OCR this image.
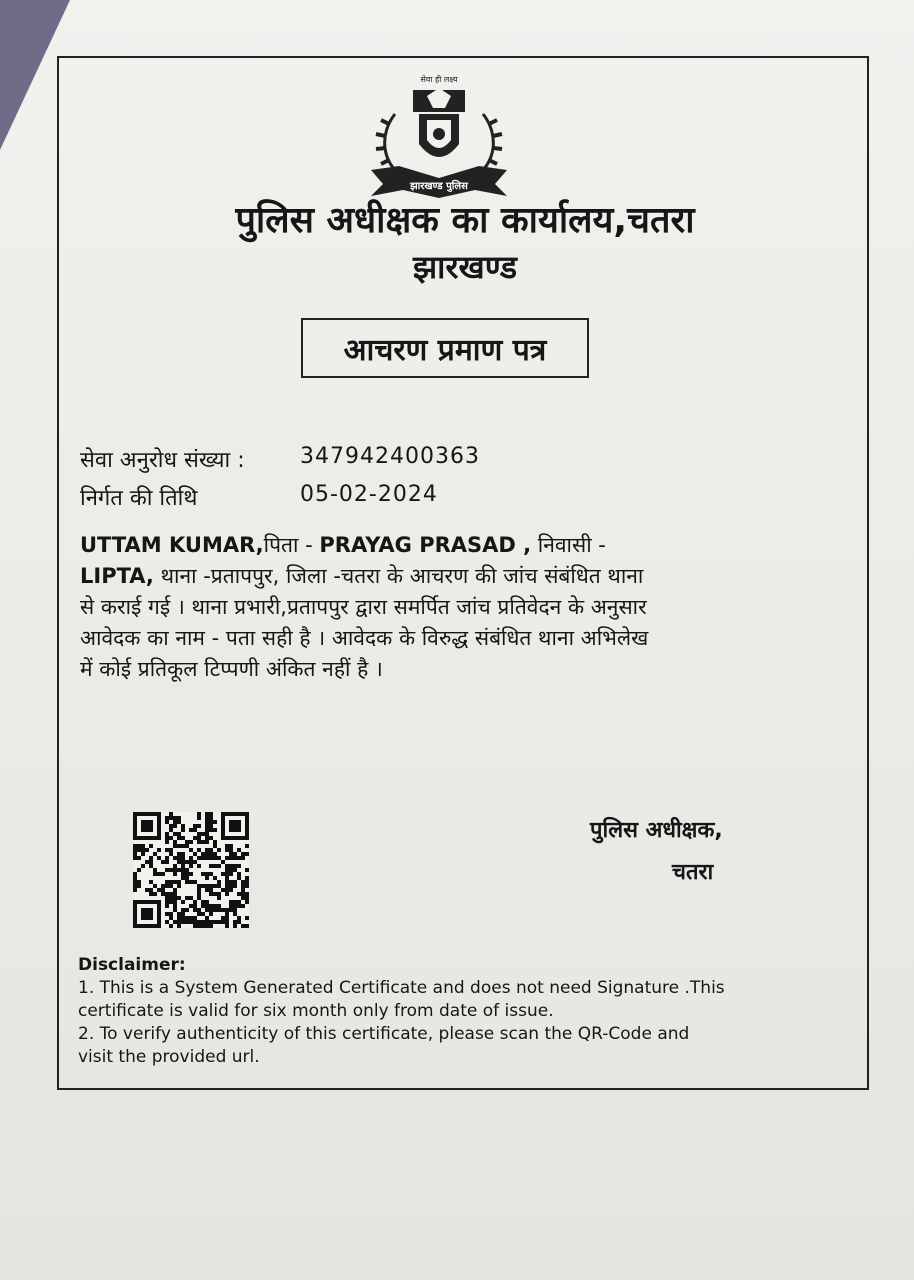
सेवा ही लक्ष्य
झारखण्ड पुलिस
पुलिस अधीक्षक का कार्यालय,चतरा
झारखण्ड
आचरण प्रमाण पत्र
सेवा अनुरोध संख्या :	347942400363
निर्गत की तिथि	05-02-2024
UTTAM KUMAR,पिता - PRAYAG PRASAD , निवासी -
LIPTA, थाना -प्रतापपुर, जिला -चतरा के आचरण की जांच संबंधित थाना
से कराई गई । थाना प्रभारी,प्रतापपुर द्वारा समर्पित जांच प्रतिवेदन के अनुसार
आवेदक का नाम - पता सही है । आवेदक के विरुद्ध संबंधित थाना अभिलेख
में कोई प्रतिकूल टिप्पणी अंकित नहीं है ।
पुलिस अधीक्षक,
चतरा
Disclaimer:
1. This is a System Generated Certificate and does not need Signature .This
certificate is valid for six month only from date of issue.
2. To verify authenticity of this certificate, please scan the QR-Code and
visit the provided url.
